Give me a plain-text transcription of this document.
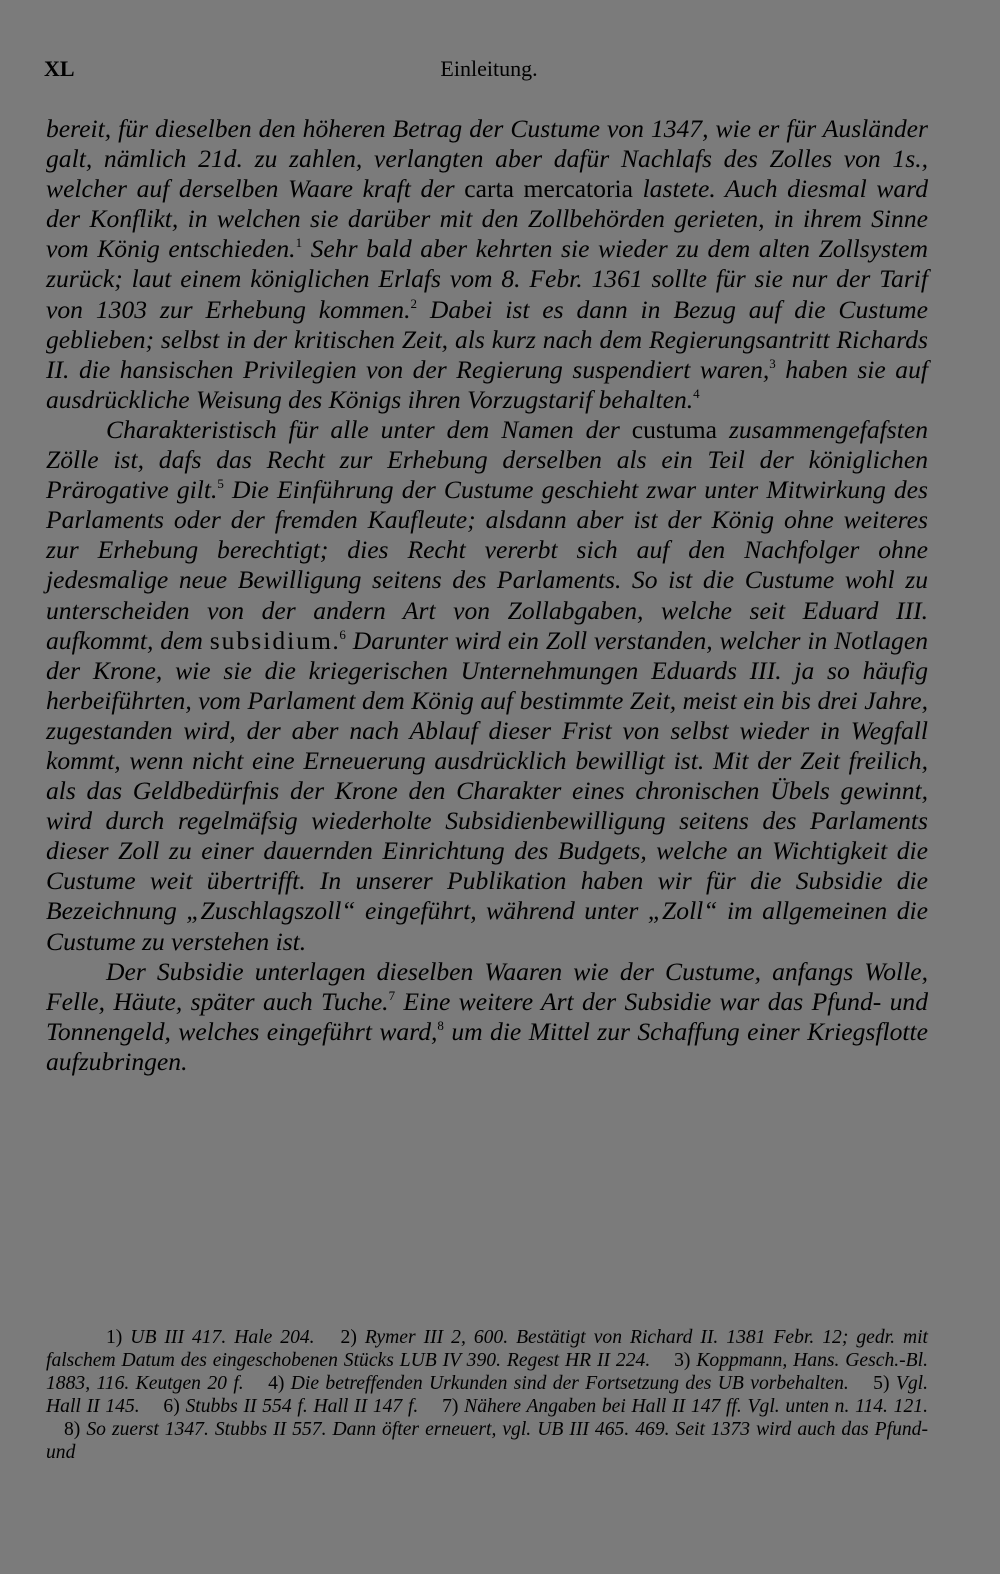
XL	Einleitung.

bereit, für dieselben den höheren Betrag der Custume von 1347, wie er für Ausländer galt, nämlich 21d. zu zahlen, verlangten aber dafür Nachlafs des Zolles von 1s., welcher auf derselben Waare kraft der carta mercatoria lastete. Auch diesmal ward der Konflikt, in welchen sie darüber mit den Zollbehörden gerieten, in ihrem Sinne vom König entschieden.$^1$ Sehr bald aber kehrten sie wieder zu dem alten Zollsystem zurück; laut einem königlichen Erlafs vom 8. Febr. 1361 sollte für sie nur der Tarif von 1303 zur Erhebung kommen.$^2$ Dabei ist es dann in Bezug auf die Custume geblieben; selbst in der kritischen Zeit, als kurz nach dem Regierungsantritt Richards II. die hansischen Privilegien von der Regierung suspendiert waren,$^3$ haben sie auf ausdrückliche Weisung des Königs ihren Vorzugstarif behalten.$^4$

Charakteristisch für alle unter dem Namen der custuma zusammengefafsten Zölle ist, dafs das Recht zur Erhebung derselben als ein Teil der königlichen Prärogative gilt.$^5$ Die Einführung der Custume geschieht zwar unter Mitwirkung des Parlaments oder der fremden Kaufleute; alsdann aber ist der König ohne weiteres zur Erhebung berechtigt; dies Recht vererbt sich auf den Nachfolger ohne jedesmalige neue Bewilligung seitens des Parlaments. So ist die Custume wohl zu unterscheiden von der andern Art von Zollabgaben, welche seit Eduard III. aufkommt, dem subsidium.$^6$ Darunter wird ein Zoll verstanden, welcher in Notlagen der Krone, wie sie die kriegerischen Unternehmungen Eduards III. ja so häufig herbeiführten, vom Parlament dem König auf bestimmte Zeit, meist ein bis drei Jahre, zugestanden wird, der aber nach Ablauf dieser Frist von selbst wieder in Wegfall kommt, wenn nicht eine Erneuerung ausdrücklich bewilligt ist. Mit der Zeit freilich, als das Geldbedürfnis der Krone den Charakter eines chronischen Übels gewinnt, wird durch regelmäfsig wiederholte Subsidienbewilligung seitens des Parlaments dieser Zoll zu einer dauernden Einrichtung des Budgets, welche an Wichtigkeit die Custume weit übertrifft. In unserer Publikation haben wir für die Subsidie die Bezeichnung „Zuschlagszoll“ eingeführt, während unter „Zoll“ im allgemeinen die Custume zu verstehen ist.

Der Subsidie unterlagen dieselben Waaren wie der Custume, anfangs Wolle, Felle, Häute, später auch Tuche.$^7$ Eine weitere Art der Subsidie war das Pfund- und Tonnengeld, welches eingeführt ward,$^8$ um die Mittel zur Schaffung einer Kriegsflotte aufzubringen.

1) UB III 417. Hale 204. 2) Rymer III 2, 600. Bestätigt von Richard II. 1381 Febr. 12; gedr. mit falschem Datum des eingeschobenen Stücks LUB IV 390. Regest HR II 224. 3) Koppmann, Hans. Gesch.-Bl. 1883, 116. Keutgen 20 f. 4) Die betreffenden Urkunden sind der Fortsetzung des UB vorbehalten. 5) Vgl. Hall II 145. 6) Stubbs II 554 f. Hall II 147 f. 7) Nähere Angaben bei Hall II 147 ff. Vgl. unten n. 114. 121. 8) So zuerst 1347. Stubbs II 557. Dann öfter erneuert, vgl. UB III 465. 469. Seit 1373 wird auch das Pfund- und
